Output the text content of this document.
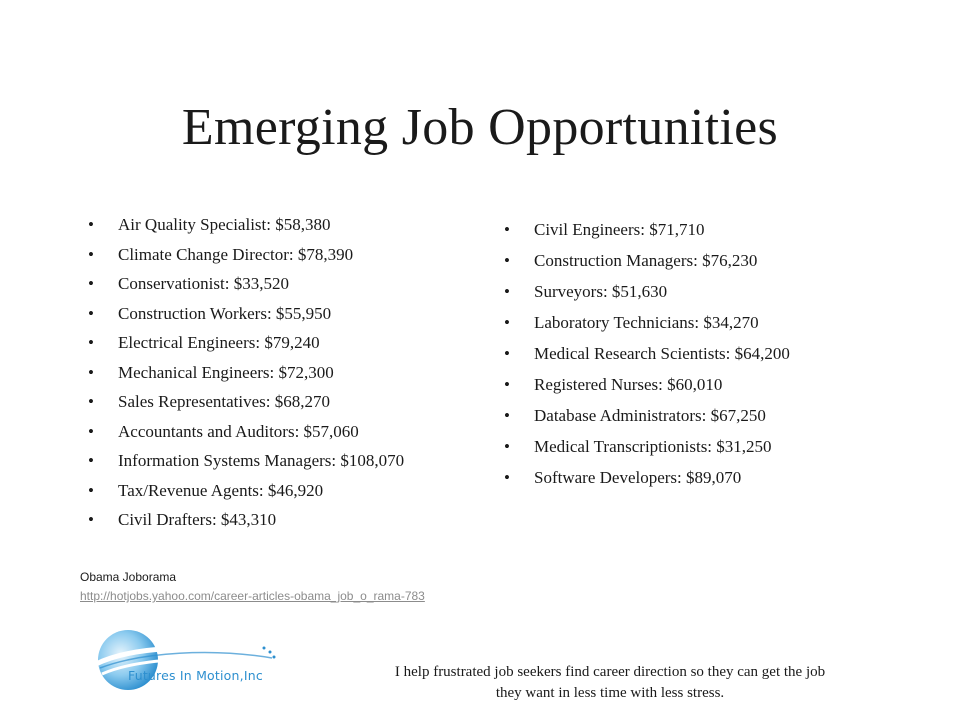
Emerging Job Opportunities
• Air Quality Specialist: $58,380
• Climate Change Director: $78,390
• Conservationist: $33,520
• Construction Workers: $55,950
• Electrical Engineers: $79,240
• Mechanical Engineers: $72,300
• Sales Representatives: $68,270
• Accountants and Auditors: $57,060
• Information Systems Managers: $108,070
• Tax/Revenue Agents: $46,920
• Civil Drafters: $43,310
• Civil Engineers: $71,710
• Construction Managers: $76,230
• Surveyors: $51,630
• Laboratory Technicians: $34,270
• Medical Research Scientists: $64,200
• Registered Nurses: $60,010
• Database Administrators: $67,250
• Medical Transcriptionists: $31,250
• Software Developers: $89,070
Obama Joborama
http://hotjobs.yahoo.com/career-articles-obama_job_o_rama-783
Futures In Motion,Inc	I help frustrated job seekers find career direction so they can get the job
they want in less time with less stress.
